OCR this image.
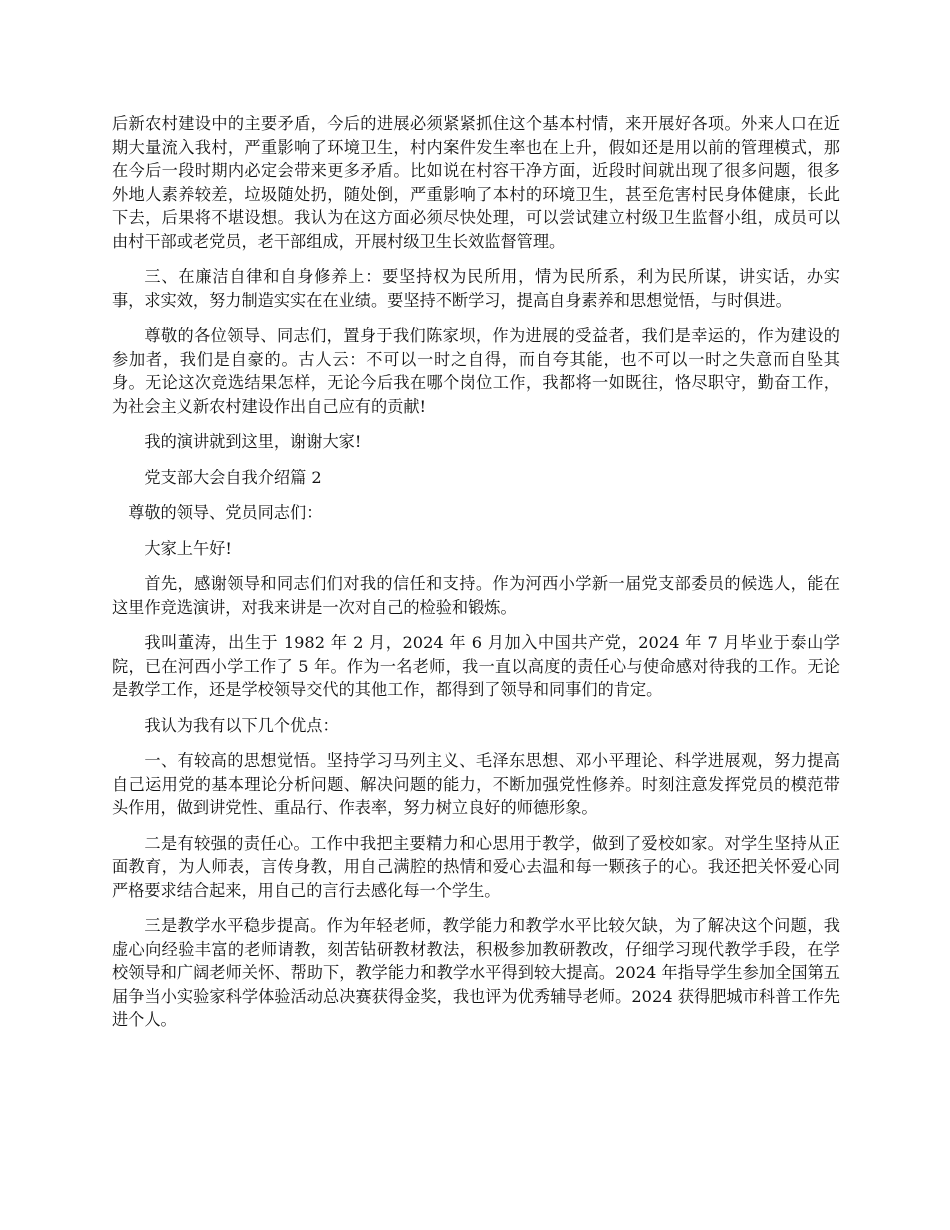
后新农村建设中的主要矛盾，今后的进展必须紧紧抓住这个基本村情，来开展好各项。外来人口在近期大量流入我村，严重影响了环境卫生，村内案件发生率也在上升，假如还是用以前的管理模式，那在今后一段时期内必定会带来更多矛盾。比如说在村容干净方面，近段时间就出现了很多问题，很多外地人素养较差，垃圾随处扔，随处倒，严重影响了本村的环境卫生，甚至危害村民身体健康，长此下去，后果将不堪设想。我认为在这方面必须尽快处理，可以尝试建立村级卫生监督小组，成员可以由村干部或老党员，老干部组成，开展村级卫生长效监督管理。

三、在廉洁自律和自身修养上：要坚持权为民所用，情为民所系，利为民所谋，讲实话，办实事，求实效，努力制造实实在在业绩。要坚持不断学习，提高自身素养和思想觉悟，与时俱进。

尊敬的各位领导、同志们，置身于我们陈家坝，作为进展的受益者，我们是幸运的，作为建设的参加者，我们是自豪的。古人云：不可以一时之自得，而自夸其能，也不可以一时之失意而自坠其身。无论这次竞选结果怎样，无论今后我在哪个岗位工作，我都将一如既往，恪尽职守，勤奋工作，为社会主义新农村建设作出自己应有的贡献!

我的演讲就到这里，谢谢大家!

党支部大会自我介绍篇 2

尊敬的领导、党员同志们：

大家上午好!

首先，感谢领导和同志们们对我的信任和支持。作为河西小学新一届党支部委员的候选人，能在这里作竞选演讲，对我来讲是一次对自己的检验和锻炼。

我叫董涛，出生于 1982 年 2 月，2024 年 6 月加入中国共产党，2024 年 7 月毕业于泰山学院，已在河西小学工作了 5 年。作为一名老师，我一直以高度的责任心与使命感对待我的工作。无论是教学工作，还是学校领导交代的其他工作，都得到了领导和同事们的肯定。

我认为我有以下几个优点：

一、有较高的思想觉悟。坚持学习马列主义、毛泽东思想、邓小平理论、科学进展观，努力提高自己运用党的基本理论分析问题、解决问题的能力，不断加强党性修养。时刻注意发挥党员的模范带头作用，做到讲党性、重品行、作表率，努力树立良好的师德形象。

二是有较强的责任心。工作中我把主要精力和心思用于教学，做到了爱校如家。对学生坚持从正面教育，为人师表，言传身教，用自己满腔的热情和爱心去温和每一颗孩子的心。我还把关怀爱心同严格要求结合起来，用自己的言行去感化每一个学生。

三是教学水平稳步提高。作为年轻老师，教学能力和教学水平比较欠缺，为了解决这个问题，我虚心向经验丰富的老师请教，刻苦钻研教材教法，积极参加教研教改，仔细学习现代教学手段，在学校领导和广阔老师关怀、帮助下，教学能力和教学水平得到较大提高。2024 年指导学生参加全国第五届争当小实验家科学体验活动总决赛获得金奖，我也评为优秀辅导老师。2024 获得肥城市科普工作先进个人。
